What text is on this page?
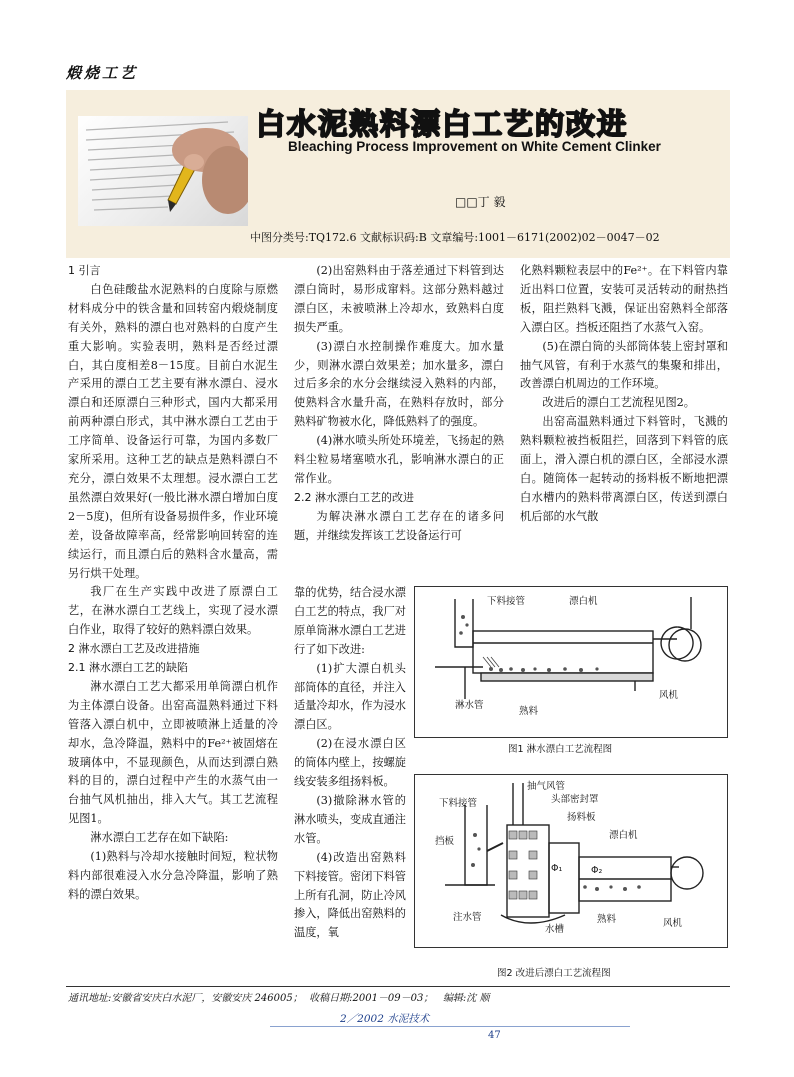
煅烧工艺
白水泥熟料漂白工艺的改进
Bleaching Process Improvement on White Cement Clinker
□□丁 毅
中图分类号:TQ172.6 文献标识码:B 文章编号:1001－6171(2002)02－0047－02

1 引言

白色硅酸盐水泥熟料的白度除与原燃材料成分中的铁含量和回转窑内煅烧制度有关外，熟料的漂白也对熟料的白度产生重大影响。实验表明，熟料是否经过漂白，其白度相差8－15度。目前白水泥生产采用的漂白工艺主要有淋水漂白、浸水漂白和还原漂白三种形式，国内大都采用前两种漂白形式，其中淋水漂白工艺由于工序简单、设备运行可靠，为国内多数厂家所采用。这种工艺的缺点是熟料漂白不充分，漂白效果不太理想。浸水漂白工艺虽然漂白效果好(一般比淋水漂白增加白度2－5度)，但所有设备易损件多，作业环境差，设备故障率高，经常影响回转窑的连续运行，而且漂白后的熟料含水量高，需另行烘干处理。

我厂在生产实践中改进了原漂白工艺，在淋水漂白工艺线上，实现了浸水漂白作业，取得了较好的熟料漂白效果。

2 淋水漂白工艺及改进措施

2.1 淋水漂白工艺的缺陷

淋水漂白工艺大都采用单筒漂白机作为主体漂白设备。出窑高温熟料通过下料管落入漂白机中，立即被喷淋上适量的冷却水，急冷降温，熟料中的Fe²⁺被固熔在玻璃体中，不显现颜色，从而达到漂白熟料的目的，漂白过程中产生的水蒸气由一台抽气风机抽出，排入大气。其工艺流程见图1。

淋水漂白工艺存在如下缺陷:

(1)熟料与冷却水接触时间短，粒状物料内部很难浸入水分急冷降温，影响了熟料的漂白效果。

(2)出窑熟料由于落差通过下料管到达漂白筒时，易形成窜料。这部分熟料越过漂白区，未被喷淋上冷却水，致熟料白度损失严重。

(3)漂白水控制操作难度大。加水量少，则淋水漂白效果差；加水量多，漂白过后多余的水分会继续浸入熟料的内部，使熟料含水量升高，在熟料存放时，部分熟料矿物被水化，降低熟料了的强度。

(4)淋水喷头所处环境差，飞扬起的熟料尘粒易堵塞喷水孔，影响淋水漂白的正常作业。

2.2 淋水漂白工艺的改进

为解决淋水漂白工艺存在的诸多问题，并继续发挥该工艺设备运行可

靠的优势，结合浸水漂白工艺的特点，我厂对原单筒淋水漂白工艺进行了如下改进:

(1)扩大漂白机头部筒体的直径，并注入适量冷却水，作为浸水漂白区。

(2)在浸水漂白区的筒体内壁上，按螺旋线安装多组扬料板。

(3)撤除淋水管的淋水喷头，变成直通注水管。

(4)改造出窑熟料下料接管。密闭下料管上所有孔洞，防止冷风掺入，降低出窑熟料的温度，氧

化熟料颗粒表层中的Fe²⁺。在下料管内靠近出料口位置，安装可灵活转动的耐热挡板，阻拦熟料飞溅，保证出窑熟料全部落入漂白区。挡板还阻挡了水蒸气入窑。

(5)在漂白筒的头部筒体装上密封罩和抽气风管，有利于水蒸气的集聚和排出，改善漂白机周边的工作环境。

改进后的漂白工艺流程见图2。

出窑高温熟料通过下料管时，飞溅的熟料颗粒被挡板阻拦，回落到下料管的底面上，滑入漂白机的漂白区，全部浸水漂白。随筒体一起转动的扬料板不断地把漂白水槽内的熟料带离漂白区，传送到漂白机后部的水气散

下料接管	漂白机
淋水管
熟料
风机
图1 淋水漂白工艺流程图
抽气风管
头部密封罩
下料接管
扬料板
挡板
漂白机
Φ₁	Φ₂
注水管
水槽
熟料	风机
图2 改进后漂白工艺流程图
通讯地址:安徽省安庆白水泥厂，安徽安庆 246005； 收稿日期:2001－09－03； 编辑:沈 顺
2／2002 水泥技术
47
